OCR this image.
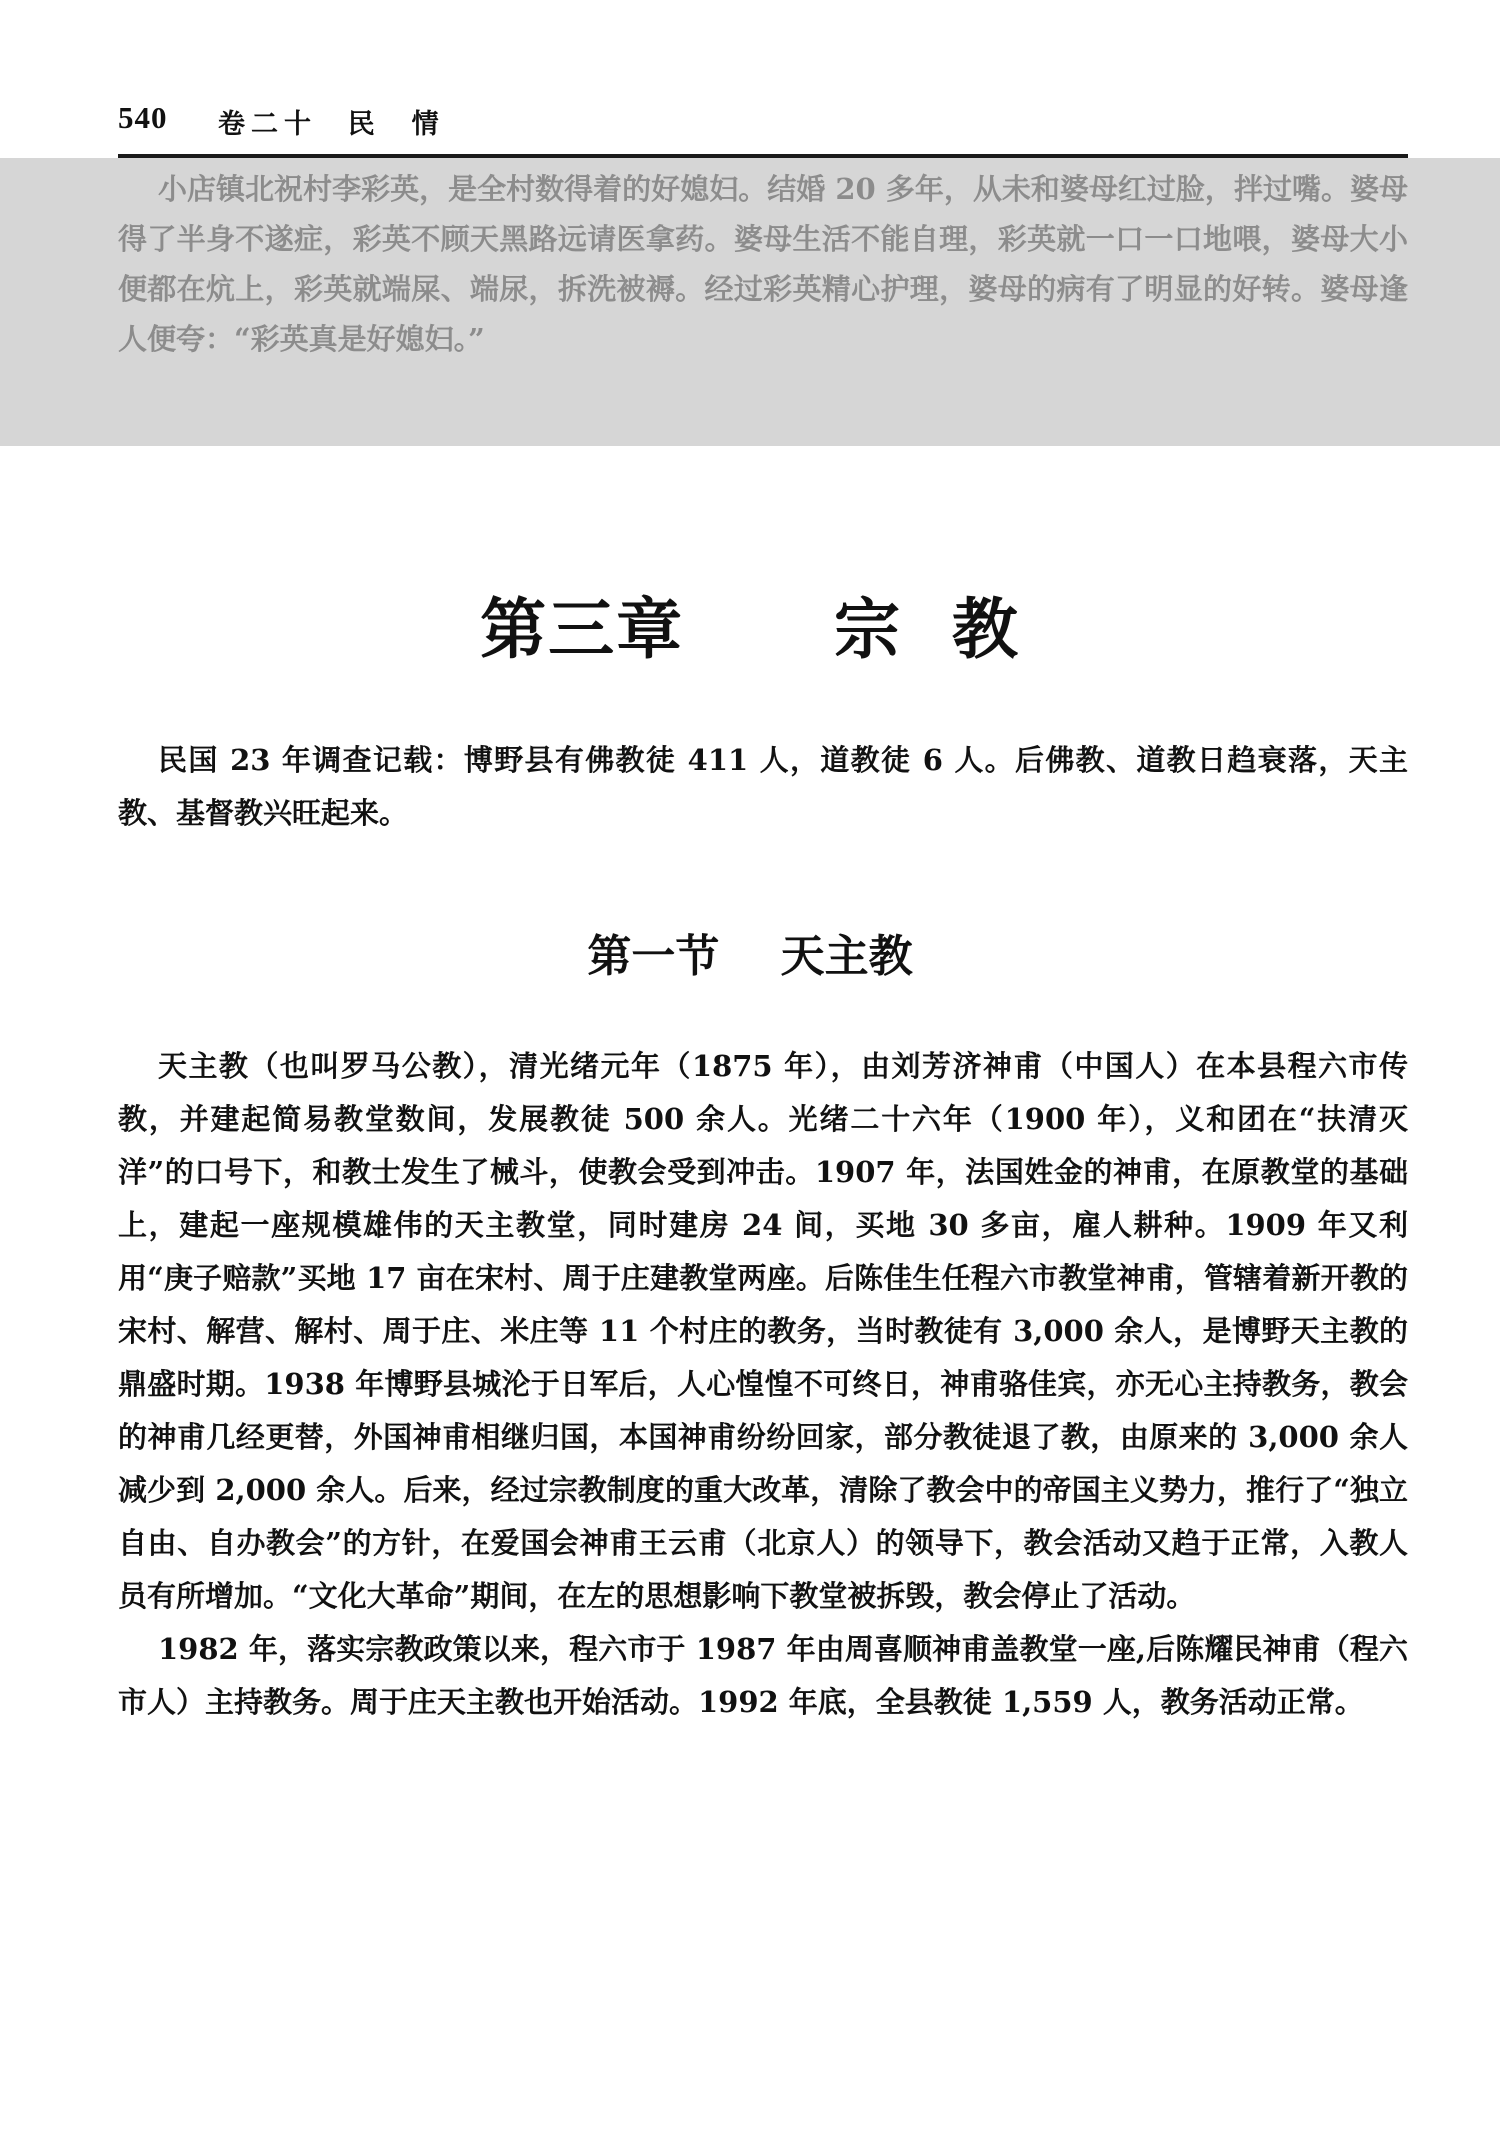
540 卷二十  民  情

小店镇北祝村李彩英，是全村数得着的好媳妇。结婚 20 多年，从未和婆母红过脸，拌过嘴。婆母得了半身不遂症，彩英不顾天黑路远请医拿药。婆母生活不能自理，彩英就一口一口地喂，婆母大小便都在炕上，彩英就端屎、端尿，拆洗被褥。经过彩英精心护理，婆母的病有了明显的好转。婆母逢人便夸：“彩英真是好媳妇。”

第三章      宗  教

民国 23 年调查记载：博野县有佛教徒 411 人，道教徒 6 人。后佛教、道教日趋衰落，天主教、基督教兴旺起来。

第一节    天主教

天主教（也叫罗马公教），清光绪元年（1875 年），由刘芳济神甫（中国人）在本县程六市传教，并建起简易教堂数间，发展教徒 500 余人。光绪二十六年（1900 年），义和团在“扶清灭洋”的口号下，和教士发生了械斗，使教会受到冲击。1907 年，法国姓金的神甫，在原教堂的基础上，建起一座规模雄伟的天主教堂，同时建房 24 间，买地 30 多亩，雇人耕种。1909 年又利用“庚子赔款”买地 17 亩在宋村、周于庄建教堂两座。后陈佳生任程六市教堂神甫，管辖着新开教的宋村、解营、解村、周于庄、米庄等 11 个村庄的教务，当时教徒有 3,000 余人，是博野天主教的鼎盛时期。1938 年博野县城沦于日军后，人心惶惶不可终日，神甫骆佳宾，亦无心主持教务，教会的神甫几经更替，外国神甫相继归国，本国神甫纷纷回家，部分教徒退了教，由原来的 3,000 余人减少到 2,000 余人。后来，经过宗教制度的重大改革，清除了教会中的帝国主义势力，推行了“独立自由、自办教会”的方针，在爱国会神甫王云甫（北京人）的领导下，教会活动又趋于正常，入教人员有所增加。“文化大革命”期间，在左的思想影响下教堂被拆毁，教会停止了活动。

1982 年，落实宗教政策以来，程六市于 1987 年由周喜顺神甫盖教堂一座,后陈耀民神甫（程六市人）主持教务。周于庄天主教也开始活动。1992 年底，全县教徒 1,559 人，教务活动正常。
